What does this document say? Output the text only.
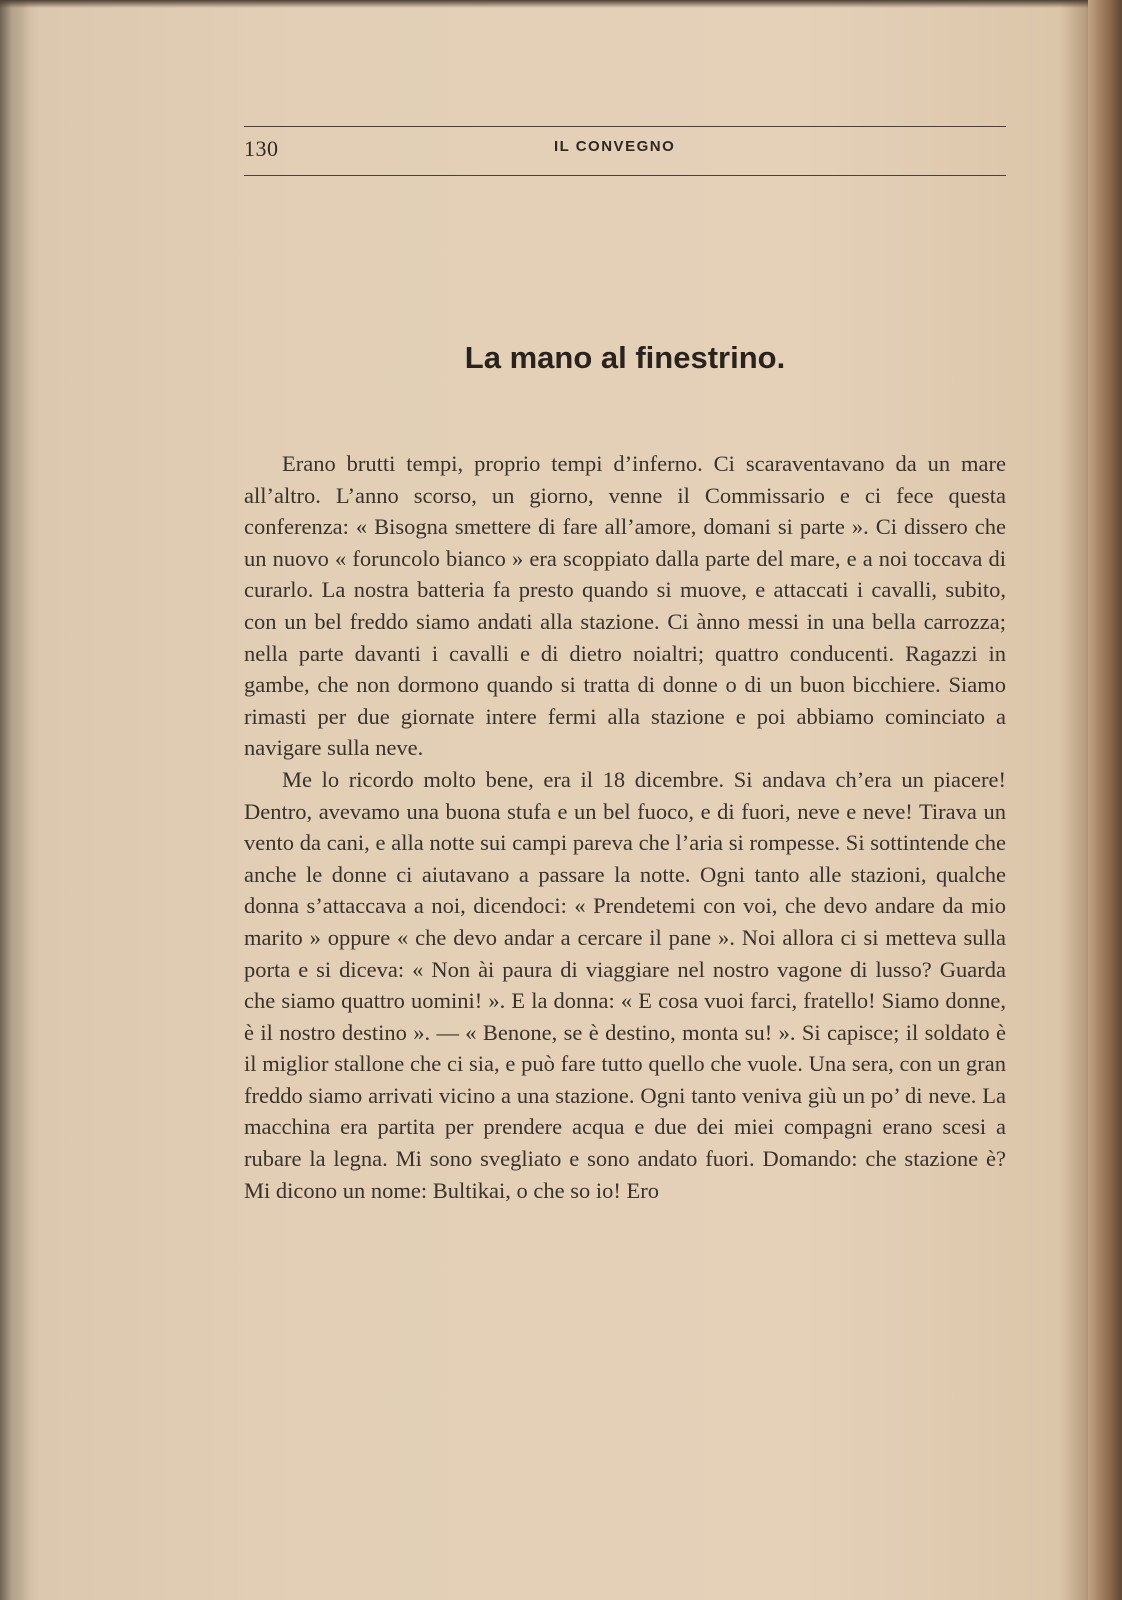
130	IL CONVEGNO
La mano al finestrino.

Erano brutti tempi, proprio tempi d’inferno. Ci scaraventavano da un mare all’altro. L’anno scorso, un giorno, venne il Commissario e ci fece questa conferenza: « Bisogna smettere di fare all’amore, domani si parte ». Ci dissero che un nuovo « foruncolo bianco » era scoppiato dalla parte del mare, e a noi toccava di curarlo. La nostra batteria fa presto quando si muove, e attaccati i cavalli, subito, con un bel freddo siamo andati alla stazione. Ci ànno messi in una bella carrozza; nella parte davanti i cavalli e di dietro noialtri; quattro conducenti. Ragazzi in gambe, che non dormono quando si tratta di donne o di un buon bicchiere. Siamo rimasti per due giornate intere fermi alla stazione e poi abbiamo cominciato a navigare sulla neve.

Me lo ricordo molto bene, era il 18 dicembre. Si andava ch’era un piacere! Dentro, avevamo una buona stufa e un bel fuoco, e di fuori, neve e neve! Tirava un vento da cani, e alla notte sui campi pareva che l’aria si rompesse. Si sottintende che anche le donne ci aiutavano a passare la notte. Ogni tanto alle stazioni, qualche donna s’attaccava a noi, dicendoci: « Prendetemi con voi, che devo andare da mio marito » oppure « che devo andar a cercare il pane ». Noi allora ci si metteva sulla porta e si diceva: « Non ài paura di viaggiare nel nostro vagone di lusso? Guarda che siamo quattro uomini! ». E la donna: « E cosa vuoi farci, fratello! Siamo donne, è il nostro destino ». — « Benone, se è destino, monta su! ». Si capisce; il soldato è il miglior stallone che ci sia, e può fare tutto quello che vuole. Una sera, con un gran freddo siamo arrivati vicino a una stazione. Ogni tanto veniva giù un po’ di neve. La macchina era partita per prendere acqua e due dei miei compagni erano scesi a rubare la legna. Mi sono svegliato e sono andato fuori. Domando: che stazione è? Mi dicono un nome: Bultikai, o che so io! Ero
